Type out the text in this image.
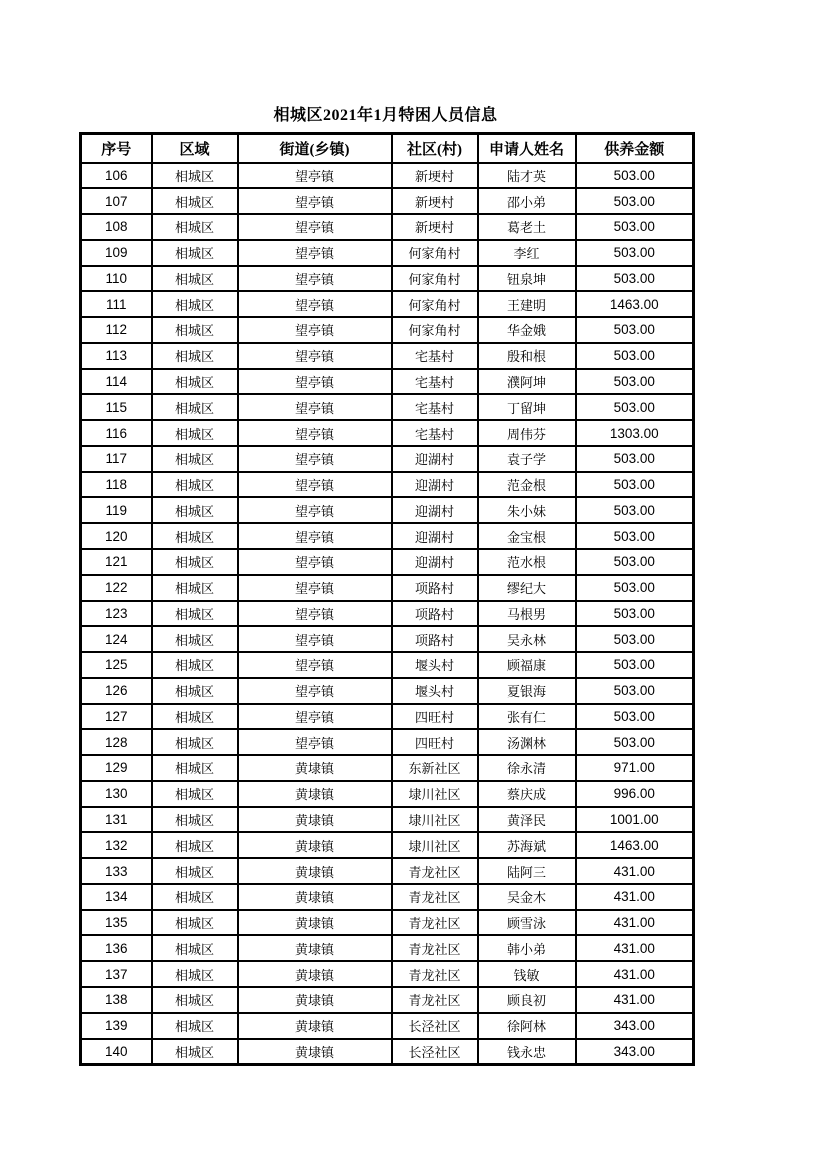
相城区2021年1月特困人员信息
序号	区域	街道(乡镇)	社区(村)	申请人姓名	供养金额
106	相城区	望亭镇	新埂村	陆才英	503.00
107	相城区	望亭镇	新埂村	邵小弟	503.00
108	相城区	望亭镇	新埂村	葛老土	503.00
109	相城区	望亭镇	何家角村	李红	503.00
110	相城区	望亭镇	何家角村	钮泉坤	503.00
111	相城区	望亭镇	何家角村	王建明	1463.00
112	相城区	望亭镇	何家角村	华金娥	503.00
113	相城区	望亭镇	宅基村	殷和根	503.00
114	相城区	望亭镇	宅基村	濮阿坤	503.00
115	相城区	望亭镇	宅基村	丁留坤	503.00
116	相城区	望亭镇	宅基村	周伟芬	1303.00
117	相城区	望亭镇	迎湖村	袁子学	503.00
118	相城区	望亭镇	迎湖村	范金根	503.00
119	相城区	望亭镇	迎湖村	朱小妹	503.00
120	相城区	望亭镇	迎湖村	金宝根	503.00
121	相城区	望亭镇	迎湖村	范水根	503.00
122	相城区	望亭镇	项路村	缪纪大	503.00
123	相城区	望亭镇	项路村	马根男	503.00
124	相城区	望亭镇	项路村	吴永林	503.00
125	相城区	望亭镇	堰头村	顾福康	503.00
126	相城区	望亭镇	堰头村	夏银海	503.00
127	相城区	望亭镇	四旺村	张有仁	503.00
128	相城区	望亭镇	四旺村	汤渊林	503.00
129	相城区	黄埭镇	东新社区	徐永清	971.00
130	相城区	黄埭镇	埭川社区	蔡庆成	996.00
131	相城区	黄埭镇	埭川社区	黄泽民	1001.00
132	相城区	黄埭镇	埭川社区	苏海斌	1463.00
133	相城区	黄埭镇	青龙社区	陆阿三	431.00
134	相城区	黄埭镇	青龙社区	吴金木	431.00
135	相城区	黄埭镇	青龙社区	顾雪泳	431.00
136	相城区	黄埭镇	青龙社区	韩小弟	431.00
137	相城区	黄埭镇	青龙社区	钱敏	431.00
138	相城区	黄埭镇	青龙社区	顾良初	431.00
139	相城区	黄埭镇	长泾社区	徐阿林	343.00
140	相城区	黄埭镇	长泾社区	钱永忠	343.00
